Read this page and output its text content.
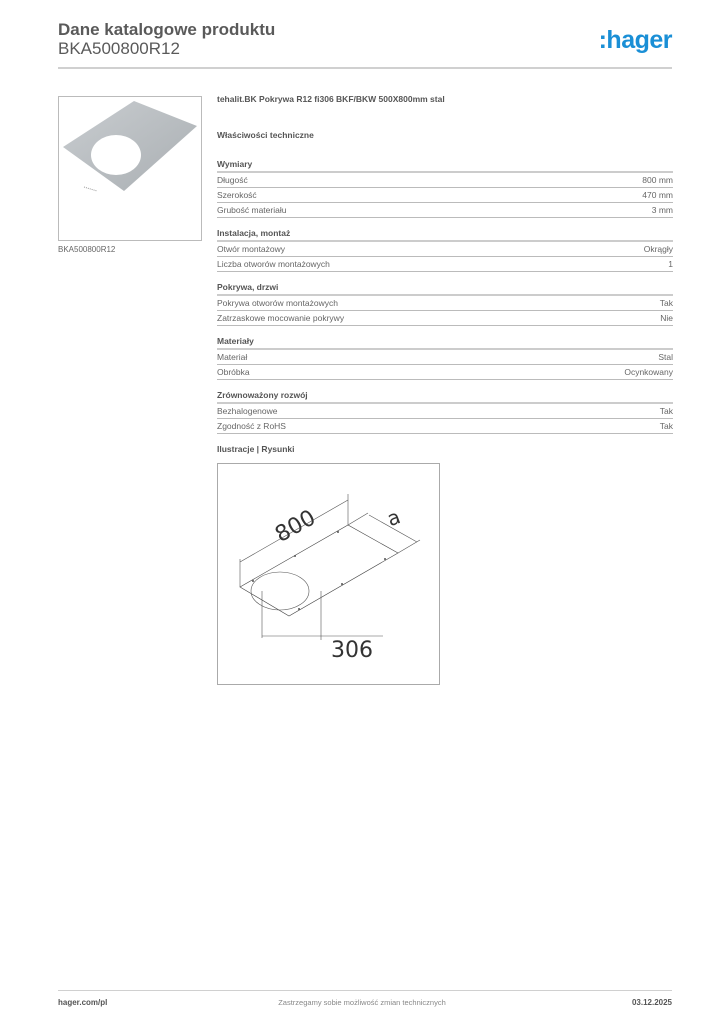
Dane katalogowe produktu
BKA500800R12	:hager
BKA500800R12
tehalit.BK Pokrywa R12 fi306 BKF/BKW 500X800mm stal
Właściwości techniczne
Wymiary
Długość	800 mm
Szerokość	470 mm
Grubość materiału	3 mm
Instalacja, montaż
Otwór montażowy	Okrągły
Liczba otworów montażowych	1
Pokrywa, drzwi
Pokrywa otworów montażowych	Tak
Zatrzaskowe mocowanie pokrywy	Nie
Materiały
Materiał	Stal
Obróbka	Ocynkowany
Zrównoważony rozwój
Bezhalogenowe	Tak
Zgodność z RoHS	Tak
Ilustracje | Rysunki
800	a
306
hager.com/pl	Zastrzegamy sobie możliwość zmian technicznych	03.12.2025
